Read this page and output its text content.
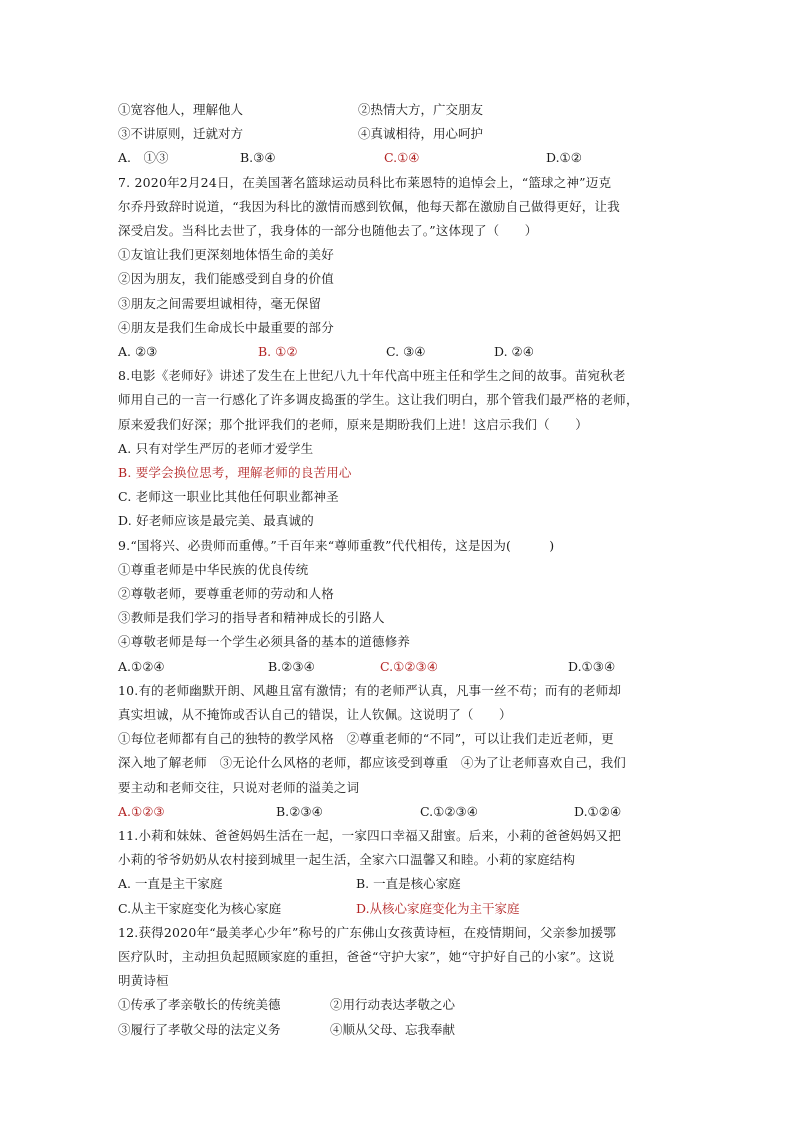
①宽容他人，理解他人	②热情大方，广交朋友
③不讲原则，迁就对方	④真诚相待，用心呵护
A.　①③	B.③④	C.①④	D.①②
7. 2020年2月24日，在美国著名篮球运动员科比布莱恩特的追悼会上，“篮球之神”迈克
尔乔丹致辞时说道，“我因为科比的激情而感到钦佩，他每天都在激励自己做得更好，让我
深受启发。当科比去世了，我身体的一部分也随他去了。”这体现了（　　）
①友谊让我们更深刻地体悟生命的美好
②因为朋友，我们能感受到自身的价值
③朋友之间需要坦诚相待，毫无保留
④朋友是我们生命成长中最重要的部分
A. ②③	B. ①②	C. ③④	D. ②④
8.电影《老师好》讲述了发生在上世纪八九十年代高中班主任和学生之间的故事。苗宛秋老
师用自己的一言一行感化了许多调皮捣蛋的学生。这让我们明白，那个管我们最严格的老师，
原来爱我们好深；那个批评我们的老师，原来是期盼我们上进！这启示我们（　　）
A. 只有对学生严厉的老师才爱学生
B. 要学会换位思考，理解老师的良苦用心
C. 老师这一职业比其他任何职业都神圣
D. 好老师应该是最完美、最真诚的
9.“国将兴、必贵师而重傅。”千百年来“尊师重教”代代相传，这是因为(　　　)
①尊重老师是中华民族的优良传统
②尊敬老师，要尊重老师的劳动和人格
③教师是我们学习的指导者和精神成长的引路人
④尊敬老师是每一个学生必须具备的基本的道德修养
A.①②④	B.②③④	C.①②③④	D.①③④
10.有的老师幽默开朗、风趣且富有激情；有的老师严认真，凡事一丝不苟；而有的老师却
真实坦诚，从不掩饰或否认自己的错误，让人钦佩。这说明了（　　）
①每位老师都有自己的独特的教学风格　②尊重老师的“不同”，可以让我们走近老师，更
深入地了解老师　③无论什么风格的老师，都应该受到尊重　④为了让老师喜欢自己，我们
要主动和老师交往，只说对老师的溢美之词
A.①②③	B.②③④	C.①②③④	D.①②④
11.小莉和妹妹、爸爸妈妈生活在一起，一家四口幸福又甜蜜。后来，小莉的爸爸妈妈又把
小莉的爷爷奶奶从农村接到城里一起生活，全家六口温馨又和睦。小莉的家庭结构
A. 一直是主干家庭	B. 一直是核心家庭
C.从主干家庭变化为核心家庭	D.从核心家庭变化为主干家庭
12.获得2020年“最美孝心少年”称号的广东佛山女孩黄诗桓，在疫情期间，父亲参加援鄂
医疗队时，主动担负起照顾家庭的重担，爸爸“守护大家”，她“守护好自己的小家”。这说
明黄诗桓
①传承了孝亲敬长的传统美德	②用行动表达孝敬之心
③履行了孝敬父母的法定义务	④顺从父母、忘我奉献
